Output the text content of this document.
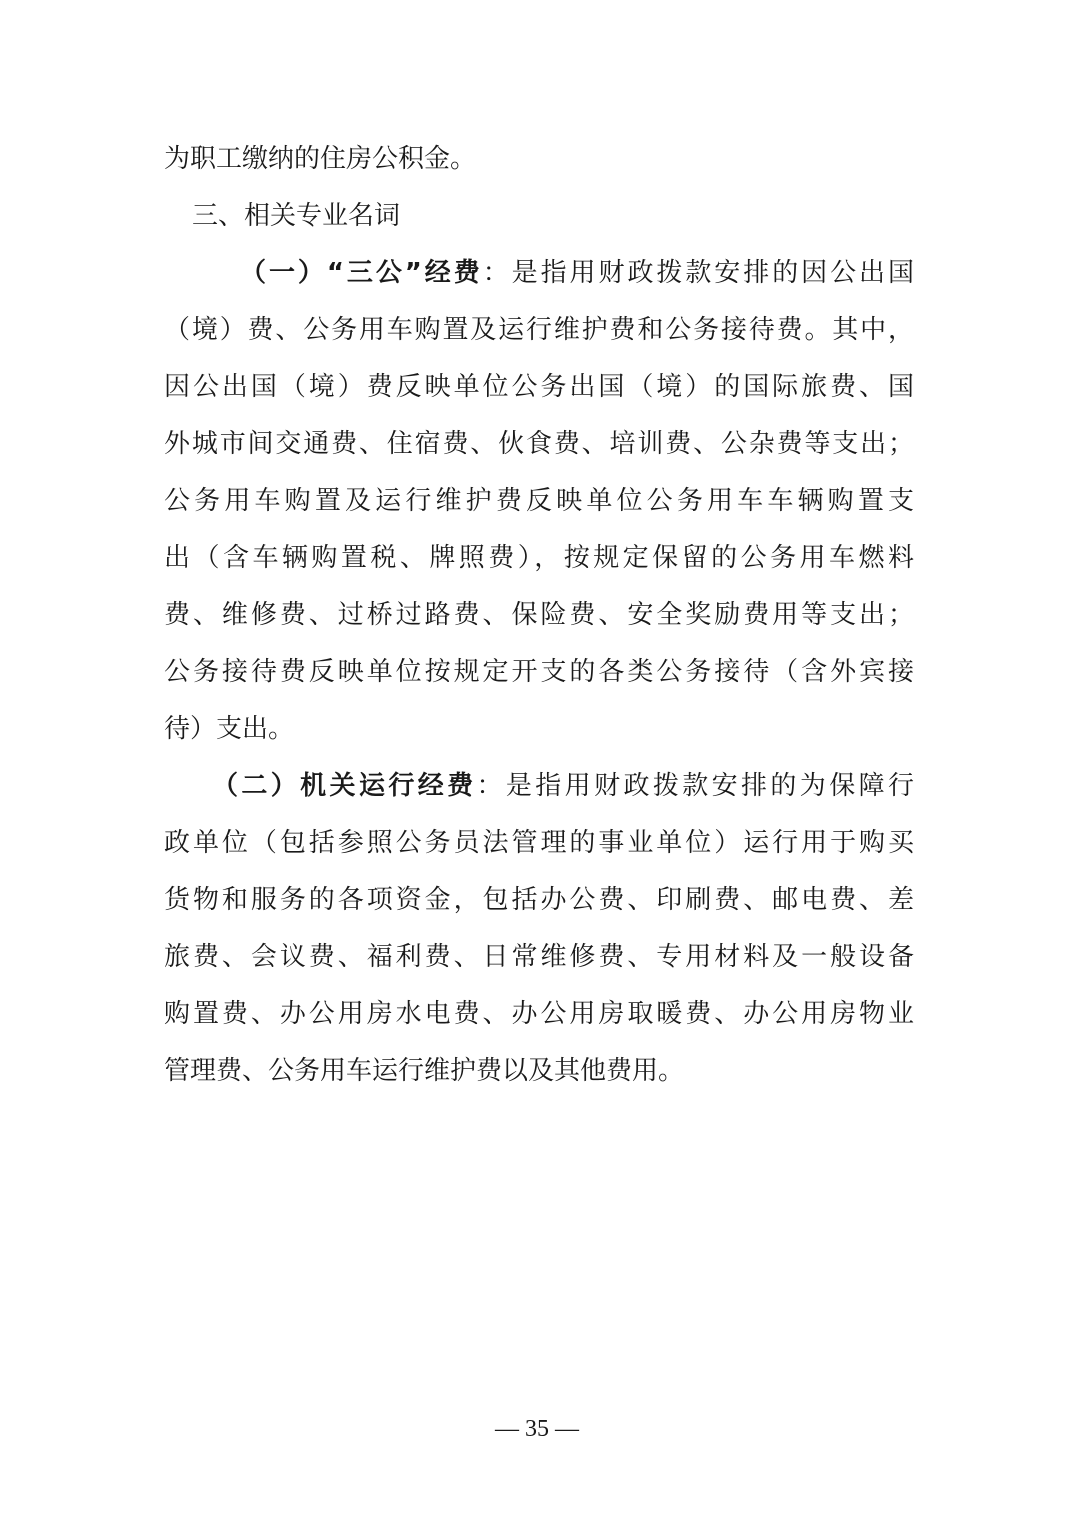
为职工缴纳的住房公积金。
三、相关专业名词
（一）“三公”经费：是指用财政拨款安排的因公出国
（境）费、公务用车购置及运行维护费和公务接待费。其中，
因公出国（境）费反映单位公务出国（境）的国际旅费、国
外城市间交通费、住宿费、伙食费、培训费、公杂费等支出；
公务用车购置及运行维护费反映单位公务用车车辆购置支
出（含车辆购置税、牌照费），按规定保留的公务用车燃料
费、维修费、过桥过路费、保险费、安全奖励费用等支出；
公务接待费反映单位按规定开支的各类公务接待（含外宾接
待）支出。
（二）机关运行经费：是指用财政拨款安排的为保障行
政单位（包括参照公务员法管理的事业单位）运行用于购买
货物和服务的各项资金，包括办公费、印刷费、邮电费、差
旅费、会议费、福利费、日常维修费、专用材料及一般设备
购置费、办公用房水电费、办公用房取暖费、办公用房物业
管理费、公务用车运行维护费以及其他费用。
— 35 —
